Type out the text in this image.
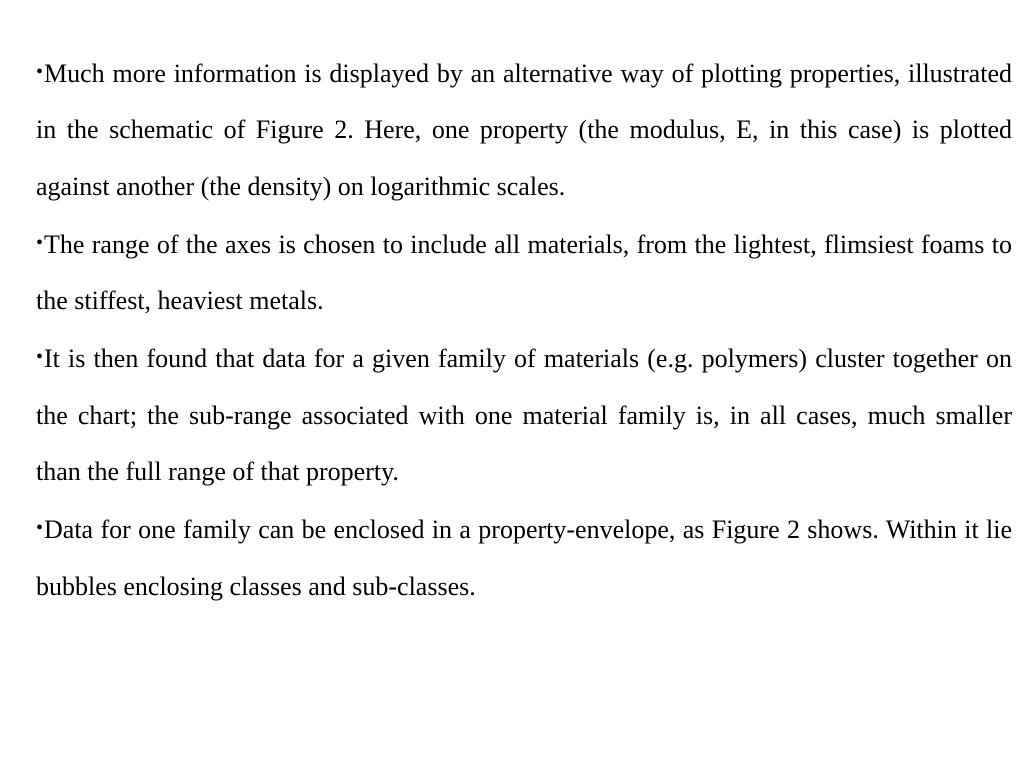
•Much more information is displayed by an alternative way of plotting properties, illustrated in the schematic of Figure 2. Here, one property (the modulus, E, in this case) is plotted against another (the density) on logarithmic scales.
•The range of the axes is chosen to include all materials, from the lightest, flimsiest foams to the stiffest, heaviest metals.
•It is then found that data for a given family of materials (e.g. polymers) cluster together on the chart; the sub-range associated with one material family is, in all cases, much smaller than the full range of that property.
•Data for one family can be enclosed in a property-envelope, as Figure 2 shows. Within it lie bubbles enclosing classes and sub-classes.
